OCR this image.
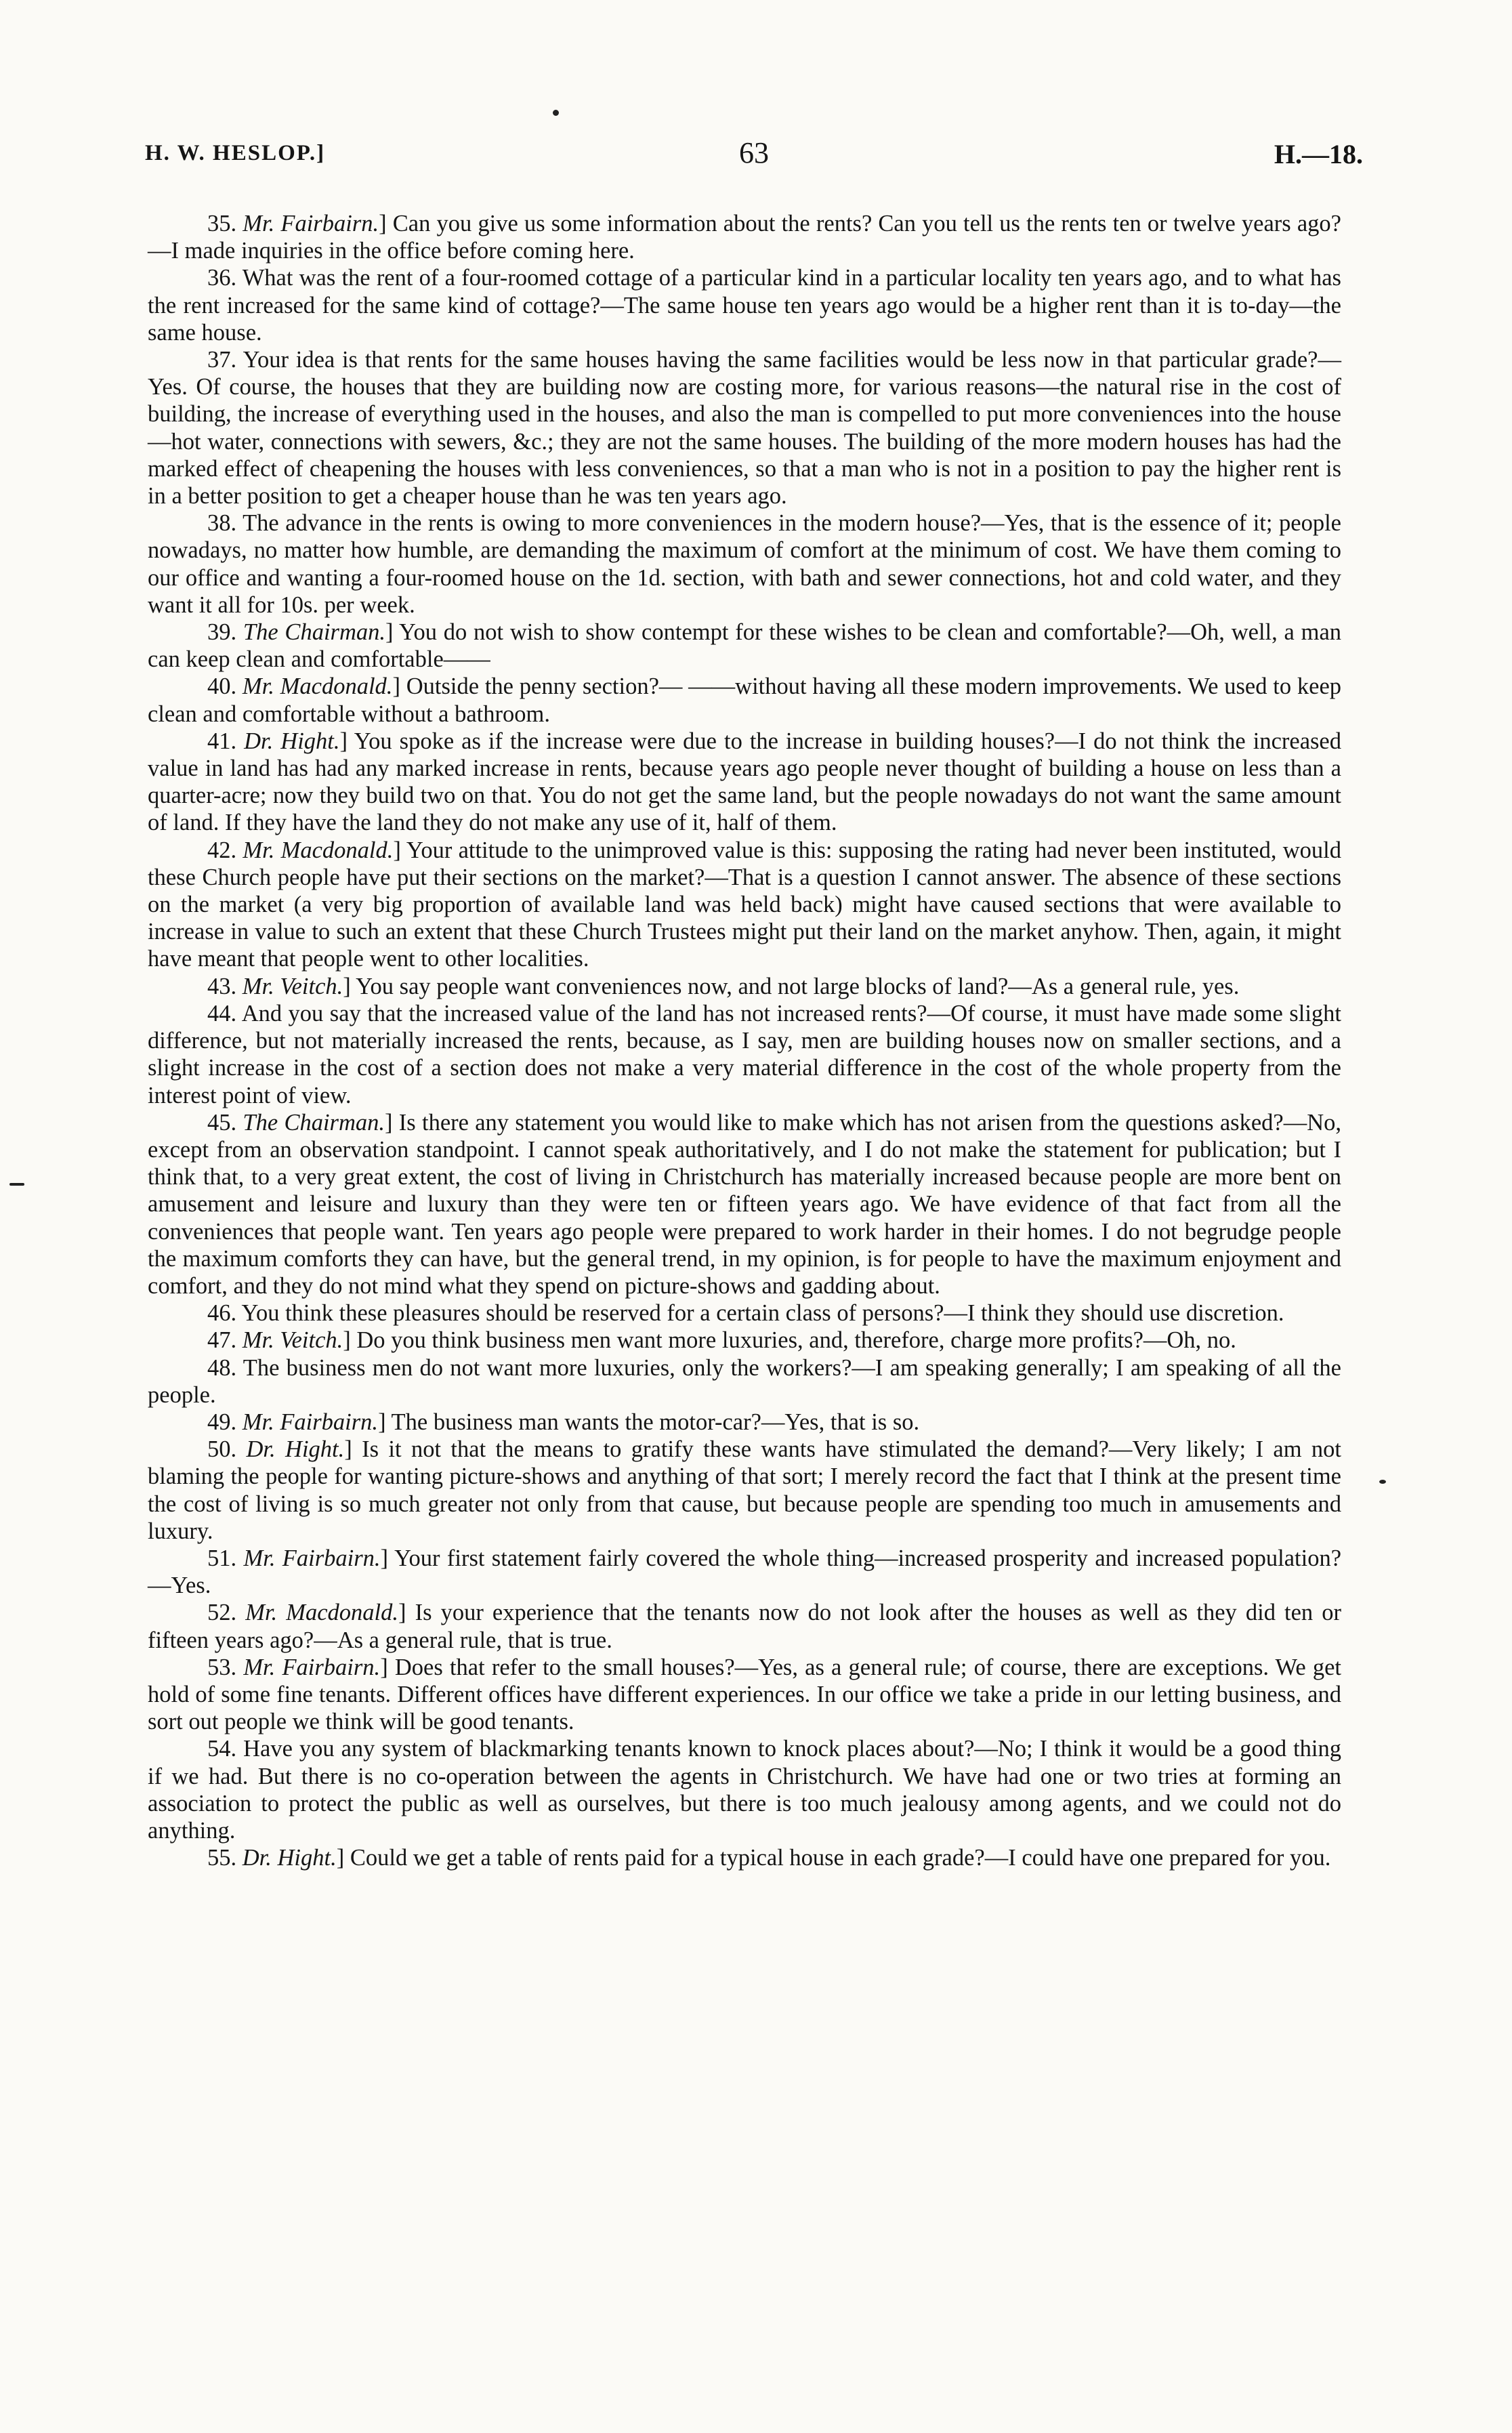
H. W. HESLOP.]	63	H.—18.

35. Mr. Fairbairn.] Can you give us some information about the rents? Can you tell us the rents ten or twelve years ago?—I made inquiries in the office before coming here.

36. What was the rent of a four-roomed cottage of a particular kind in a particular locality ten years ago, and to what has the rent increased for the same kind of cottage?—The same house ten years ago would be a higher rent than it is to-day—the same house.

37. Your idea is that rents for the same houses having the same facilities would be less now in that particular grade?—Yes. Of course, the houses that they are building now are costing more, for various reasons—the natural rise in the cost of building, the increase of everything used in the houses, and also the man is compelled to put more conveniences into the house—hot water, connections with sewers, &c.; they are not the same houses. The building of the more modern houses has had the marked effect of cheapening the houses with less conveniences, so that a man who is not in a position to pay the higher rent is in a better position to get a cheaper house than he was ten years ago.

38. The advance in the rents is owing to more conveniences in the modern house?—Yes, that is the essence of it; people nowadays, no matter how humble, are demanding the maximum of comfort at the minimum of cost. We have them coming to our office and wanting a four-roomed house on the 1d. section, with bath and sewer connections, hot and cold water, and they want it all for 10s. per week.

39. The Chairman.] You do not wish to show contempt for these wishes to be clean and comfortable?—Oh, well, a man can keep clean and comfortable——

40. Mr. Macdonald.] Outside the penny section?— ——without having all these modern improvements. We used to keep clean and comfortable without a bathroom.

41. Dr. Hight.] You spoke as if the increase were due to the increase in building houses?—I do not think the increased value in land has had any marked increase in rents, because years ago people never thought of building a house on less than a quarter-acre; now they build two on that. You do not get the same land, but the people nowadays do not want the same amount of land. If they have the land they do not make any use of it, half of them.

42. Mr. Macdonald.] Your attitude to the unimproved value is this: supposing the rating had never been instituted, would these Church people have put their sections on the market?—That is a question I cannot answer. The absence of these sections on the market (a very big proportion of available land was held back) might have caused sections that were available to increase in value to such an extent that these Church Trustees might put their land on the market anyhow. Then, again, it might have meant that people went to other localities.

43. Mr. Veitch.] You say people want conveniences now, and not large blocks of land?—As a general rule, yes.

44. And you say that the increased value of the land has not increased rents?—Of course, it must have made some slight difference, but not materially increased the rents, because, as I say, men are building houses now on smaller sections, and a slight increase in the cost of a section does not make a very material difference in the cost of the whole property from the interest point of view.

45. The Chairman.] Is there any statement you would like to make which has not arisen from the questions asked?—No, except from an observation standpoint. I cannot speak authoritatively, and I do not make the statement for publication; but I think that, to a very great extent, the cost of living in Christchurch has materially increased because people are more bent on amusement and leisure and luxury than they were ten or fifteen years ago. We have evidence of that fact from all the conveniences that people want. Ten years ago people were prepared to work harder in their homes. I do not begrudge people the maximum comforts they can have, but the general trend, in my opinion, is for people to have the maximum enjoyment and comfort, and they do not mind what they spend on picture-shows and gadding about.

46. You think these pleasures should be reserved for a certain class of persons?—I think they should use discretion.

47. Mr. Veitch.] Do you think business men want more luxuries, and, therefore, charge more profits?—Oh, no.

48. The business men do not want more luxuries, only the workers?—I am speaking generally; I am speaking of all the people.

49. Mr. Fairbairn.] The business man wants the motor-car?—Yes, that is so.

50. Dr. Hight.] Is it not that the means to gratify these wants have stimulated the demand?—Very likely; I am not blaming the people for wanting picture-shows and anything of that sort; I merely record the fact that I think at the present time the cost of living is so much greater not only from that cause, but because people are spending too much in amusements and luxury.

51. Mr. Fairbairn.] Your first statement fairly covered the whole thing—increased prosperity and increased population?—Yes.

52. Mr. Macdonald.] Is your experience that the tenants now do not look after the houses as well as they did ten or fifteen years ago?—As a general rule, that is true.

53. Mr. Fairbairn.] Does that refer to the small houses?—Yes, as a general rule; of course, there are exceptions. We get hold of some fine tenants. Different offices have different experiences. In our office we take a pride in our letting business, and sort out people we think will be good tenants.

54. Have you any system of blackmarking tenants known to knock places about?—No; I think it would be a good thing if we had. But there is no co-operation between the agents in Christchurch. We have had one or two tries at forming an association to protect the public as well as ourselves, but there is too much jealousy among agents, and we could not do anything.

55. Dr. Hight.] Could we get a table of rents paid for a typical house in each grade?—I could have one prepared for you.
